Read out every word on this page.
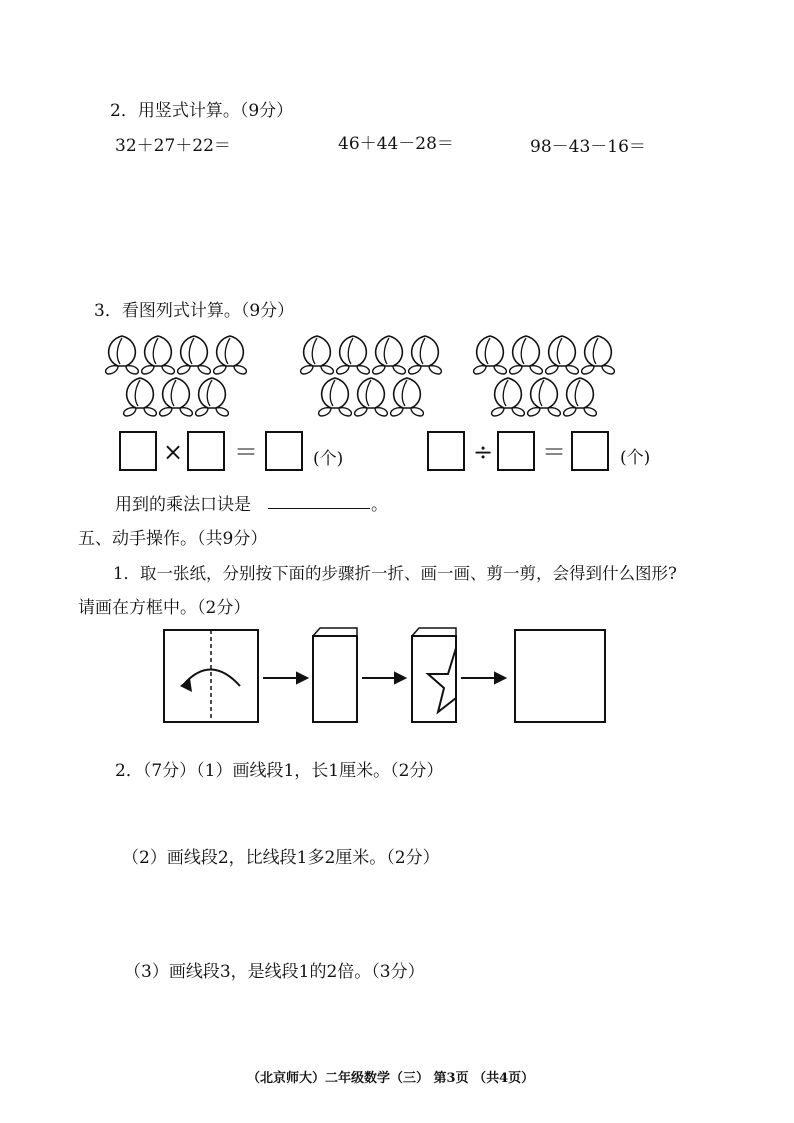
2．用竖式计算。（9分）
32＋27＋22＝	46＋44－28＝	98－43－16＝
3．看图列式计算。（9分）
× ＝	(个)	÷ ＝	(个)
用到的乘法口诀是	。
五、动手操作。（共9分）
1．取一张纸，分别按下面的步骤折一折、画一画、剪一剪，会得到什么图形?
请画在方框中。（2分）
2．（7分）（1）画线段1，长1厘米。（2分）
（2）画线段2，比线段1多2厘米。（2分）
（3）画线段3，是线段1的2倍。（3分）
（北京师大）二年级数学（三） 第3页 （共4页）
